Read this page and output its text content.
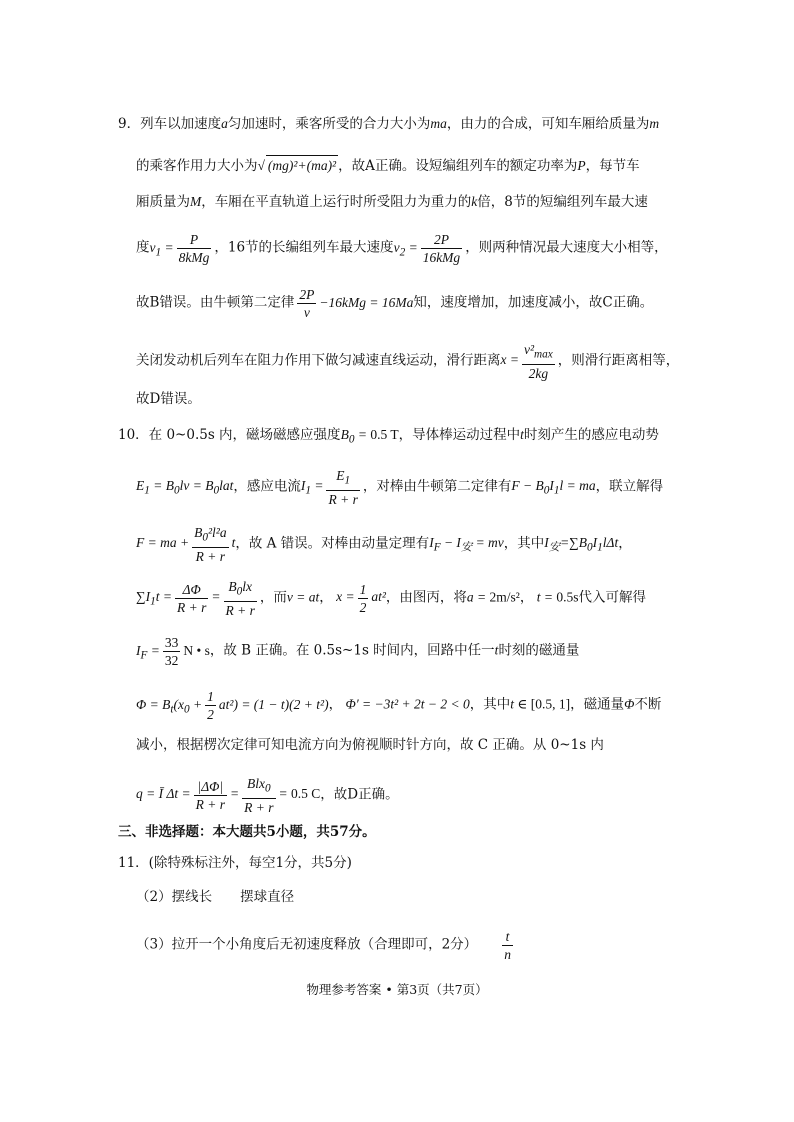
9．列车以加速度a匀加速时，乘客所受的合力大小为ma，由力的合成，可知车厢给质量为m
的乘客作用力大小为√ (mg)²+(ma)² ，故A正确。设短编组列车的额定功率为P，每节车
厢质量为M，车厢在平直轨道上运行时所受阻力为重力的k倍，8节的短编组列车最大速
度$v_1 = \frac{P}{\text{8kMg}}$ ，16节的长编组列车最大速度$v_2 = \frac{2P}{\text{16kMg}}$ ，则两种情况最大速度大小相等，
故B错误。由牛顿第二定律 $\frac{2P}{v} -16kMg = 16Ma$知，速度增加，加速度减小，故C正确。
关闭发动机后列车在阻力作用下做匀减速直线运动，滑行距离$x = \frac{v^2_{max}}{2kg}$ ，则滑行距离相等，
故D错误。
10．在 0~0.5s 内，磁场磁感应强度$B_0 = 0.5$ T，导体棒运动过程中t时刻产生的感应电动势
$E_1 = B_0lv = B_0lat$，感应电流$I_1 = \frac{E_1}{R + r}$ ，对棒由牛顿第二定律有$F - B_0I_1l$ = ma，联立解得
F = ma + $\frac{B_0^2l^2a}{R + r}$ t，故 A 错误。对棒由动量定理有$I_F - I_安$ = mv，其中$I_安=\sum B_0I_1l\Delta t$，
$\sum I_1t = \frac{\Delta\Phi}{R + r} = \frac{B_0lx}{R + r}$ ，而v = at， $x = \frac{1}{2} at^2$，由图丙，将a = 2m/s²， t = 0.5s代入可解得
$I_F = \frac{33}{32}$ N • s，故 B 正确。在 0.5s~1s 时间内，回路中任一t时刻的磁通量
$\Phi = B_t(x_0 + \frac{1}{2} at^2) = (1 - t)(2 + t^2)$， Φ′ = −3t² + 2t − 2 < 0，其中t ∈ [0.5, 1]，磁通量Φ不断
减小，根据楞次定律可知电流方向为俯视顺时针方向，故 C 正确。从 0~1s 内
q = Ī $\Delta t = \frac{|\Delta\Phi|}{R + r} = \frac{Blx_0}{R + r} = 0.5$ C，故D正确。
三、非选择题：本大题共5小题，共57分。
11．(除特殊标注外，每空1分，共5分)
（2）摆线长 摆球直径
（3）拉开一个小角度后无初速度释放（合理即可，2分） $\frac{t}{n}$
物理参考答案 • 第3页（共7页）
